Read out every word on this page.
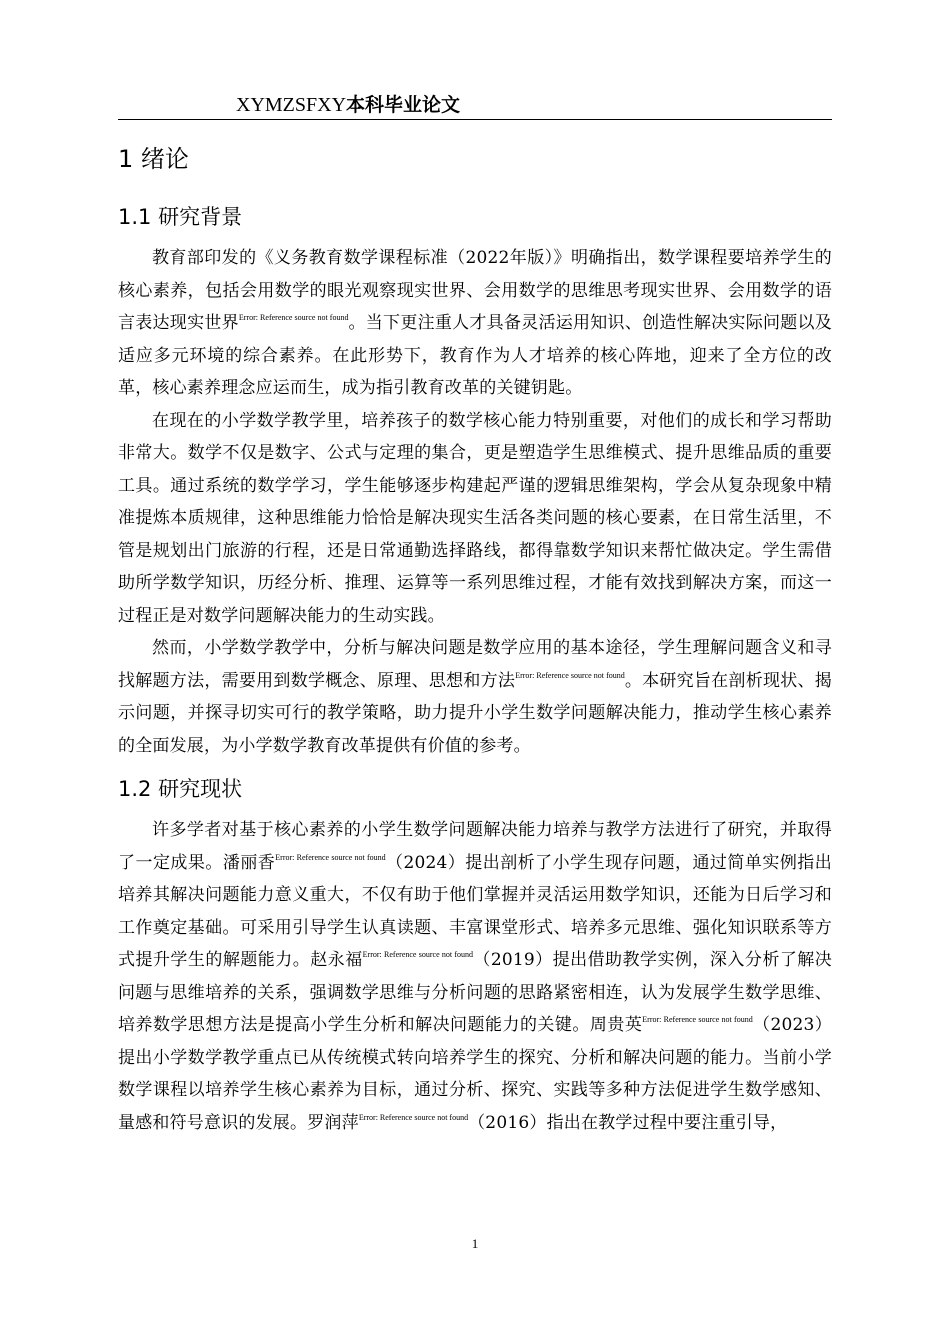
XYMZSFXY本科毕业论文
1 绪论
1.1 研究背景

教育部印发的《义务教育数学课程标准（2022年版）》明确指出，数学课程要培养学生的核心素养，包括会用数学的眼光观察现实世界、会用数学的思维思考现实世界、会用数学的语言表达现实世界$^{Error: Reference source not found}$。当下更注重人才具备灵活运用知识、创造性解决实际问题以及适应多元环境的综合素养。在此形势下，教育作为人才培养的核心阵地，迎来了全方位的改革，核心素养理念应运而生，成为指引教育改革的关键钥匙。

在现在的小学数学教学里，培养孩子的数学核心能力特别重要，对他们的成长和学习帮助非常大。数学不仅是数字、公式与定理的集合，更是塑造学生思维模式、提升思维品质的重要工具。通过系统的数学学习，学生能够逐步构建起严谨的逻辑思维架构，学会从复杂现象中精准提炼本质规律，这种思维能力恰恰是解决现实生活各类问题的核心要素，在日常生活里，不管是规划出门旅游的行程，还是日常通勤选择路线，都得靠数学知识来帮忙做决定。学生需借助所学数学知识，历经分析、推理、运算等一系列思维过程，才能有效找到解决方案，而这一过程正是对数学问题解决能力的生动实践。

然而，小学数学教学中，分析与解决问题是数学应用的基本途径，学生理解问题含义和寻找解题方法，需要用到数学概念、原理、思想和方法$^{Error: Reference source not found}$。本研究旨在剖析现状、揭示问题，并探寻切实可行的教学策略，助力提升小学生数学问题解决能力，推动学生核心素养的全面发展，为小学数学教育改革提供有价值的参考。

1.2 研究现状

许多学者对基于核心素养的小学生数学问题解决能力培养与教学方法进行了研究，并取得了一定成果。潘丽香$^{Error: Reference source not found}$（2024）提出剖析了小学生现存问题，通过简单实例指出培养其解决问题能力意义重大，不仅有助于他们掌握并灵活运用数学知识，还能为日后学习和工作奠定基础。可采用引导学生认真读题、丰富课堂形式、培养多元思维、强化知识联系等方式提升学生的解题能力。赵永福$^{Error: Reference source not found}$（2019）提出借助教学实例，深入分析了解决问题与思维培养的关系，强调数学思维与分析问题的思路紧密相连，认为发展学生数学思维、培养数学思想方法是提高小学生分析和解决问题能力的关键。周贵英$^{Error: Reference source not found}$（2023）提出小学数学教学重点已从传统模式转向培养学生的探究、分析和解决问题的能力。当前小学数学课程以培养学生核心素养为目标，通过分析、探究、实践等多种方法促进学生数学感知、量感和符号意识的发展。罗润萍$^{Error: Reference source not found}$（2016）指出在教学过程中要注重引导，

1
